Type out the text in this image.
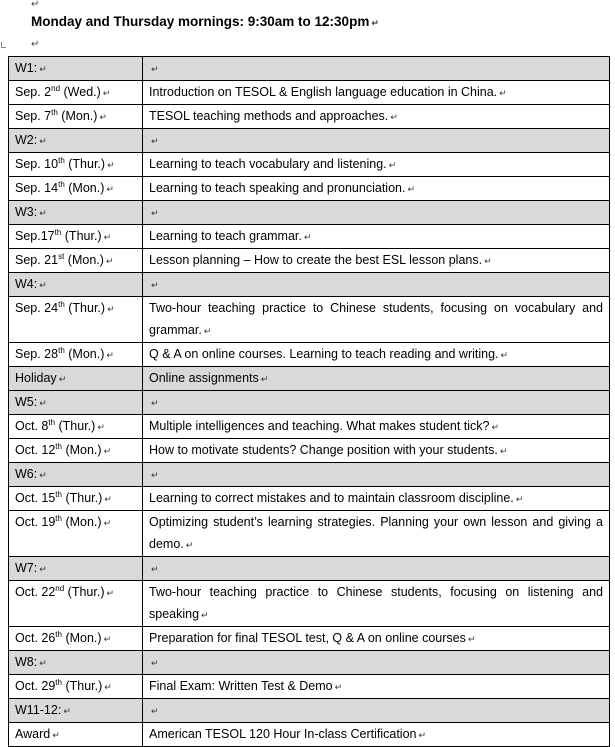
↵
Monday and Thursday mornings: 9:30am to 12:30pm ↵
↵
W1: ↵	↵
Sep. 2nd (Wed.) ↵	Introduction on TESOL & English language education in China. ↵
Sep. 7th (Mon.) ↵	TESOL teaching methods and approaches. ↵
W2: ↵	↵
Sep. 10th (Thur.) ↵	Learning to teach vocabulary and listening. ↵
Sep. 14th (Mon.) ↵	Learning to teach speaking and pronunciation. ↵
W3: ↵	↵
Sep.17th (Thur.) ↵	Learning to teach grammar. ↵
Sep. 21st (Mon.) ↵	Lesson planning – How to create the best ESL lesson plans. ↵
W4: ↵	↵
Sep. 24th (Thur.) ↵	Two-hour teaching practice to Chinese students, focusing on vocabulary and grammar. ↵
Sep. 28th (Mon.) ↵	Q & A on online courses. Learning to teach reading and writing. ↵
Holiday ↵	Online assignments ↵
W5: ↵	↵
Oct. 8th (Thur.) ↵	Multiple intelligences and teaching. What makes student tick? ↵
Oct. 12th (Mon.) ↵	How to motivate students? Change position with your students. ↵
W6: ↵	↵
Oct. 15th (Thur.) ↵	Learning to correct mistakes and to maintain classroom discipline. ↵
Oct. 19th (Mon.) ↵	Optimizing student’s learning strategies. Planning your own lesson and giving a demo. ↵
W7: ↵	↵
Oct. 22nd (Thur.) ↵	Two-hour teaching practice to Chinese students, focusing on listening and speaking ↵
Oct. 26th (Mon.) ↵	Preparation for final TESOL test, Q & A on online courses ↵
W8: ↵	↵
Oct. 29th (Thur.) ↵	Final Exam: Written Test & Demo ↵
W11-12: ↵	↵
Award ↵	American TESOL 120 Hour In-class Certification ↵
